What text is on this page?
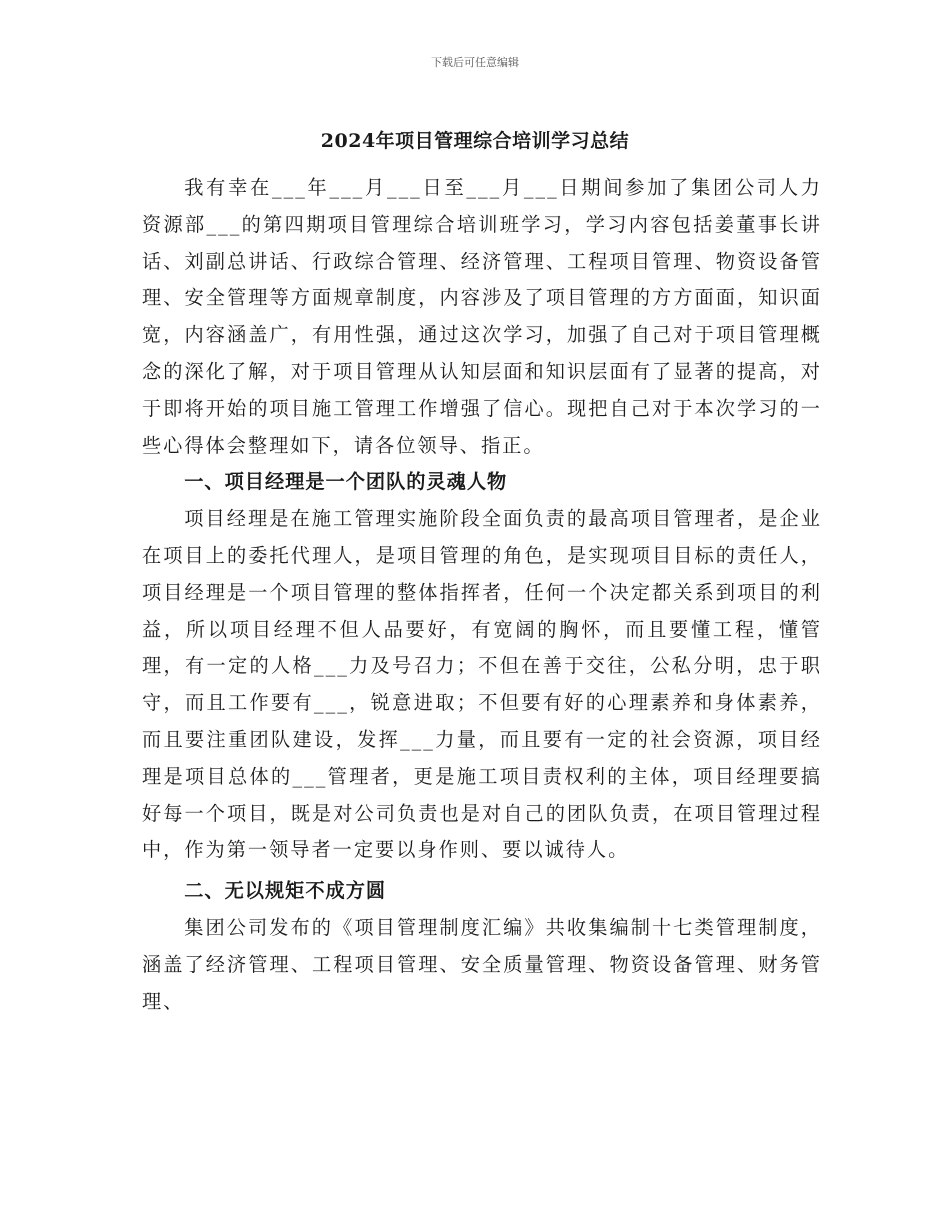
下载后可任意编辑
2024年项目管理综合培训学习总结

我有幸在___年___月___日至___月___日期间参加了集团公司人力资源部___的第四期项目管理综合培训班学习，学习内容包括姜董事长讲话、刘副总讲话、行政综合管理、经济管理、工程项目管理、物资设备管理、安全管理等方面规章制度，内容涉及了项目管理的方方面面，知识面宽，内容涵盖广，有用性强，通过这次学习，加强了自己对于项目管理概念的深化了解，对于项目管理从认知层面和知识层面有了显著的提高，对于即将开始的项目施工管理工作增强了信心。现把自己对于本次学习的一些心得体会整理如下，请各位领导、指正。

一、项目经理是一个团队的灵魂人物

项目经理是在施工管理实施阶段全面负责的最高项目管理者，是企业在项目上的委托代理人，是项目管理的角色，是实现项目目标的责任人，项目经理是一个项目管理的整体指挥者，任何一个决定都关系到项目的利益，所以项目经理不但人品要好，有宽阔的胸怀，而且要懂工程，懂管理，有一定的人格___力及号召力；不但在善于交往，公私分明，忠于职守，而且工作要有___，锐意进取；不但要有好的心理素养和身体素养，而且要注重团队建设，发挥___力量，而且要有一定的社会资源，项目经理是项目总体的___管理者，更是施工项目责权利的主体，项目经理要搞好每一个项目，既是对公司负责也是对自己的团队负责，在项目管理过程中，作为第一领导者一定要以身作则、要以诚待人。

二、无以规矩不成方圆

集团公司发布的《项目管理制度汇编》共收集编制十七类管理制度，涵盖了经济管理、工程项目管理、安全质量管理、物资设备管理、财务管理、
